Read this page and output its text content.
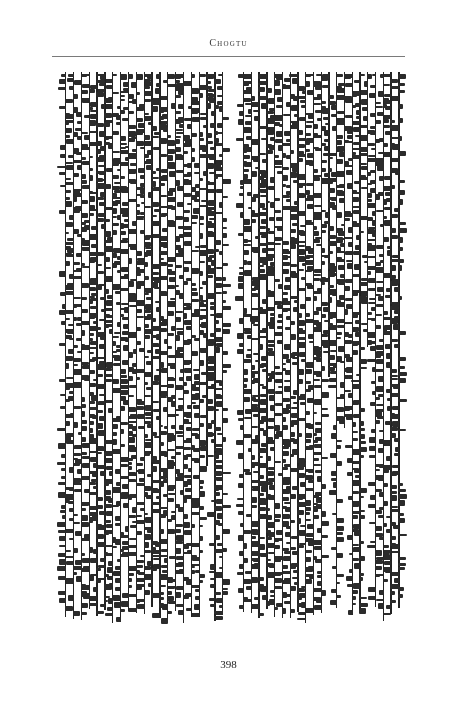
Chogtu
398
